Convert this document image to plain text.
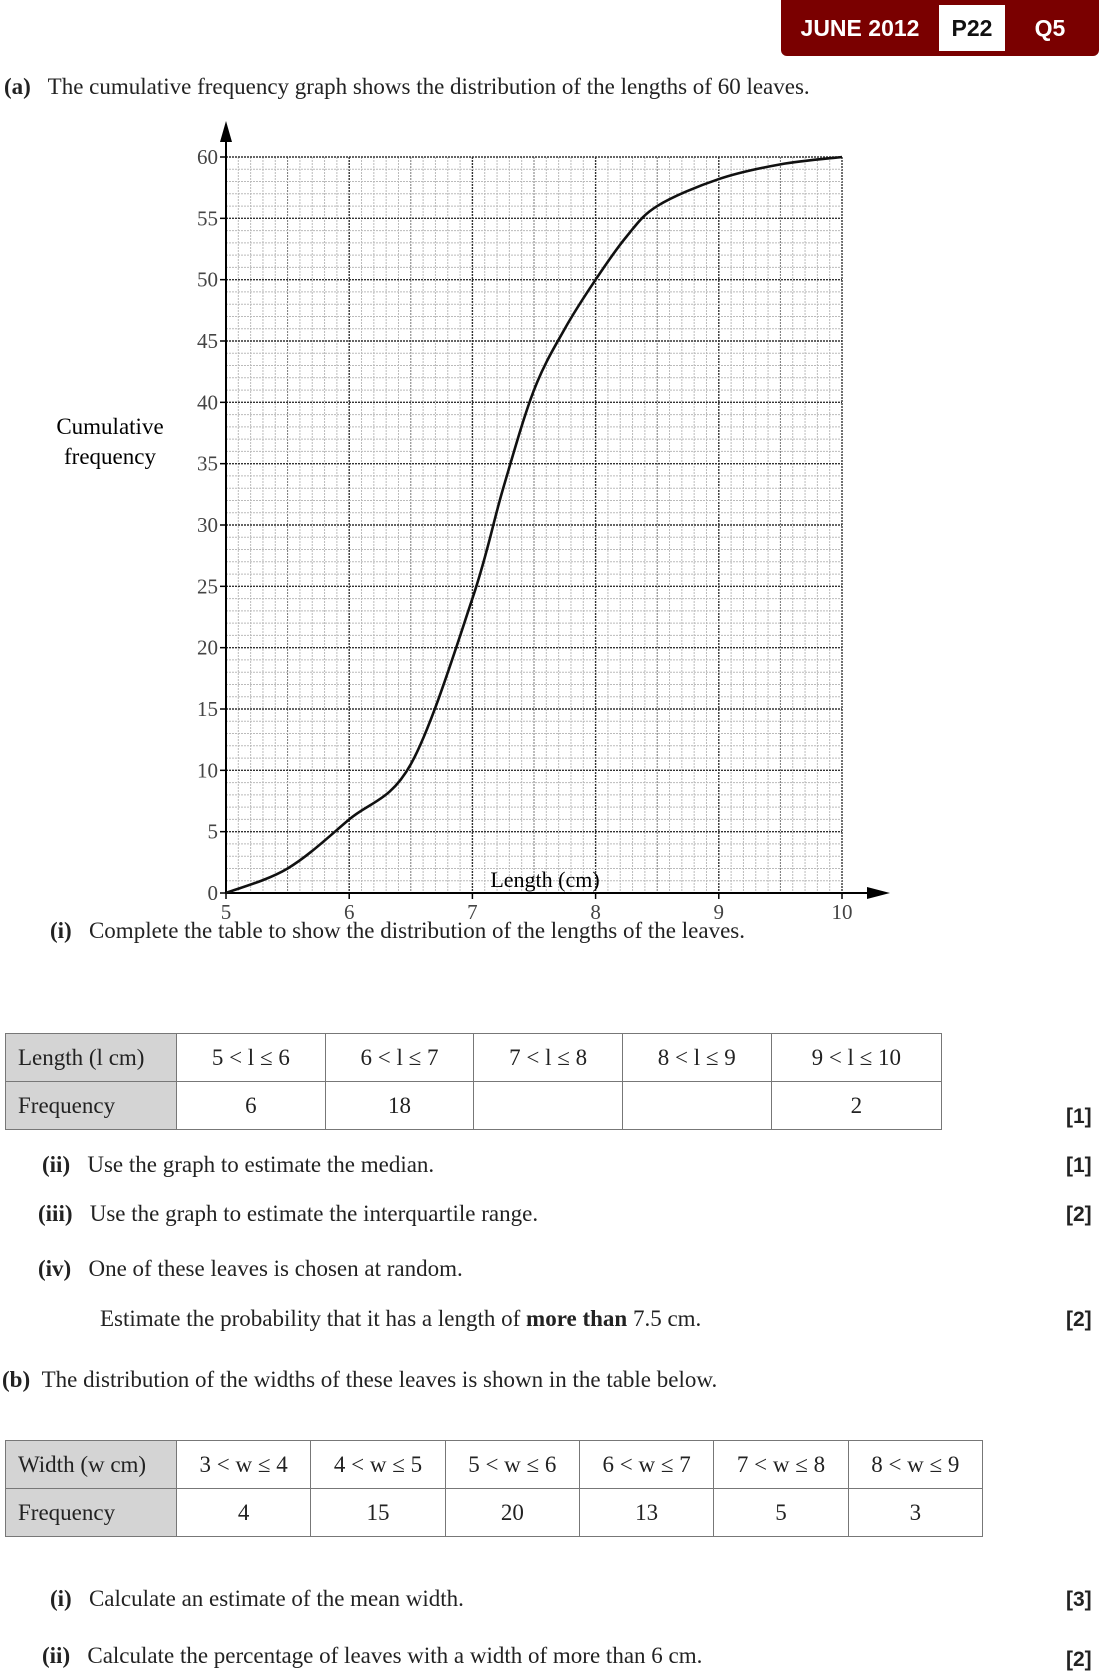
JUNE 2012	P22	Q5
(a) The cumulative frequency graph shows the distribution of the lengths of 60 leaves.
5	6	7	8	9	10
0
5
10
15
20
25
30
35
40
45
50
55
60
Cumulative
frequency
Length (cm)
(i) Complete the table to show the distribution of the lengths of the leaves.
Length (l cm)	5 < l ≤ 6	6 < l ≤ 7	7 < l ≤ 8	8 < l ≤ 9	9 < l ≤ 10
Frequency	6	18			2	[1]
(ii) Use the graph to estimate the median.	[1]
(iii) Use the graph to estimate the interquartile range.	[2]
(iv) One of these leaves is chosen at random.
Estimate the probability that it has a length of more than 7.5 cm.	[2]
(b) The distribution of the widths of these leaves is shown in the table below.
Width (w cm)	3 < w ≤ 4	4 < w ≤ 5	5 < w ≤ 6	6 < w ≤ 7	7 < w ≤ 8	8 < w ≤ 9
Frequency	4	15	20	13	5	3
(i) Calculate an estimate of the mean width.	[3]
(ii) Calculate the percentage of leaves with a width of more than 6 cm.	[2]
